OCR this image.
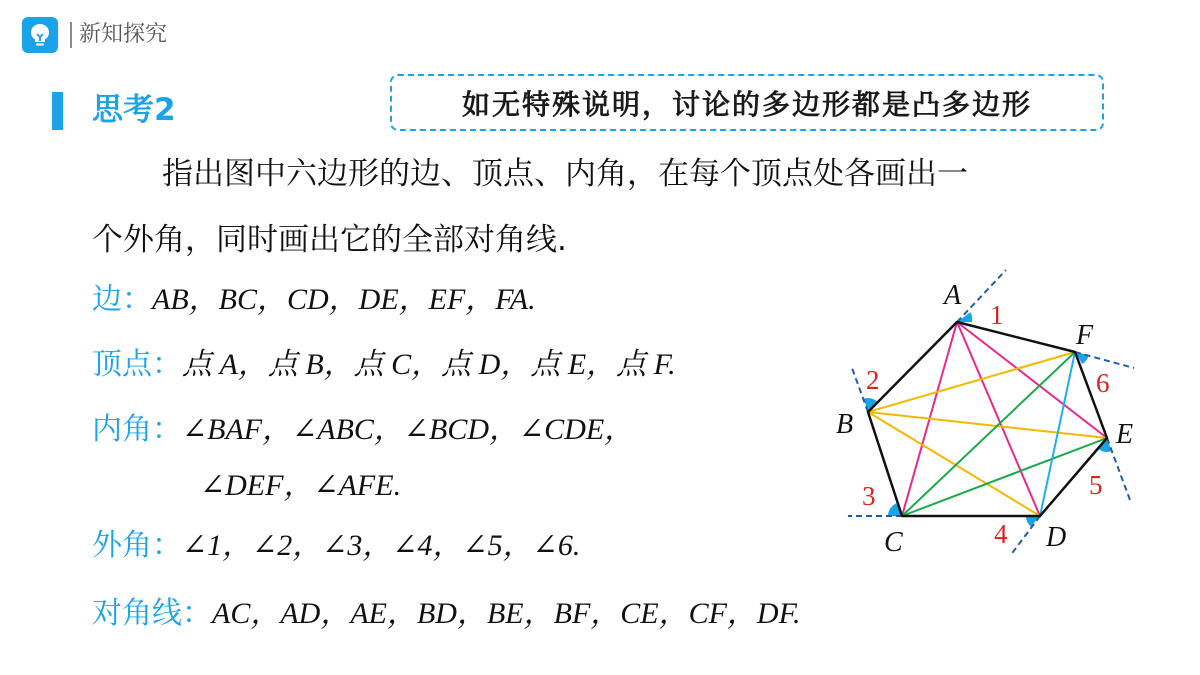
新知探究
思考2	如无特殊说明，讨论的多边形都是凸多边形
指出图中六边形的边、顶点、内角，在每个顶点处各画出一
个外角，同时画出它的全部对角线.
边：AB，BC，CD，DE，EF，FA.
顶点：点 A，点 B，点 C，点 D，点 E，点 F.
内角：∠BAF，∠ABC，∠BCD，∠CDE，
∠DEF，∠AFE.
外角：∠1，∠2，∠3，∠4，∠5，∠6.
对角线：AC，AD，AE，BD，BE，BF，CE，CF，DF.
A
B
C	D
E
F
1
2
3
4
5
6
